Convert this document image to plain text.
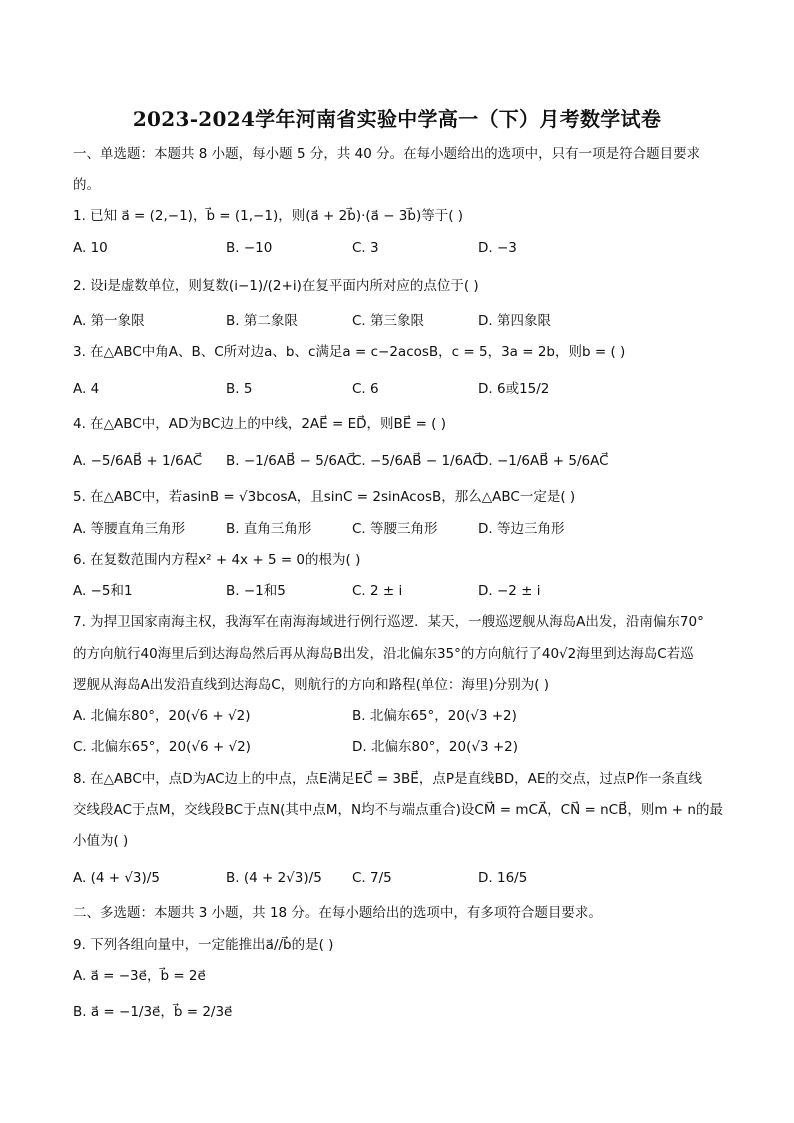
2023-2024学年河南省实验中学高一（下）月考数学试卷
一、单选题：本题共 8 小题，每小题 5 分，共 40 分。在每小题给出的选项中，只有一项是符合题目要求
的。
1. 已知 a⃗ = (2,−1)，b⃗ = (1,−1)，则(a⃗ + 2b⃗)·(a⃗ − 3b⃗)等于( )
A. 10	B. −10	C. 3	D. −3
2. 设i是虚数单位，则复数(i−1)/(2+i)在复平面内所对应的点位于( )
A. 第一象限	B. 第二象限	C. 第三象限	D. 第四象限
3. 在△ABC中角A、B、C所对边a、b、c满足a = c−2acosB，c = 5，3a = 2b，则b = ( )
A. 4	B. 5	C. 6	D. 6或15/2
4. 在△ABC中，AD为BC边上的中线，2AE⃗ = ED⃗，则BE⃗ = ( )
A. −5/6AB⃗ + 1/6AC⃗ B. −1/6AB⃗ − 5/6AC⃗
C. −5/6AB⃗ − 1/6AC⃗
D. −1/6AB⃗ + 5/6AC⃗
5. 在△ABC中，若asinB = √3bcosA，且sinC = 2sinAcosB，那么△ABC一定是( )
A. 等腰直角三角形	B. 直角三角形	C. 等腰三角形	D. 等边三角形
6. 在复数范围内方程x² + 4x + 5 = 0的根为( )
A. −5和1	B. −1和5	C. 2 ± i	D. −2 ± i
7. 为捍卫国家南海主权，我海军在南海海域进行例行巡逻．某天，一艘巡逻舰从海岛A出发，沿南偏东70°
的方向航行40海里后到达海岛然后再从海岛B出发，沿北偏东35°的方向航行了40√2海里到达海岛C若巡
逻舰从海岛A出发沿直线到达海岛C，则航行的方向和路程(单位：海里)分别为( )
A. 北偏东80°，20(√6 + √2)	B. 北偏东65°，20(√3 +2)
C. 北偏东65°，20(√6 + √2)	D. 北偏东80°，20(√3 +2)
8. 在△ABC中，点D为AC边上的中点，点E满足EC⃗ = 3BE⃗，点P是直线BD，AE的交点，过点P作一条直线
交线段AC于点M，交线段BC于点N(其中点M，N均不与端点重合)设CM⃗ = mCA⃗，CN⃗ = nCB⃗，则m + n的最
小值为( )
A. (4 + √3)/5	B. (4 + 2√3)/5 C. 7/5	D. 16/5
二、多选题：本题共 3 小题，共 18 分。在每小题给出的选项中，有多项符合题目要求。
9. 下列各组向量中，一定能推出a⃗//b⃗的是( )
A. a⃗ = −3e⃗，b⃗ = 2e⃗
B. a⃗ = −1/3e⃗，b⃗ = 2/3e⃗
